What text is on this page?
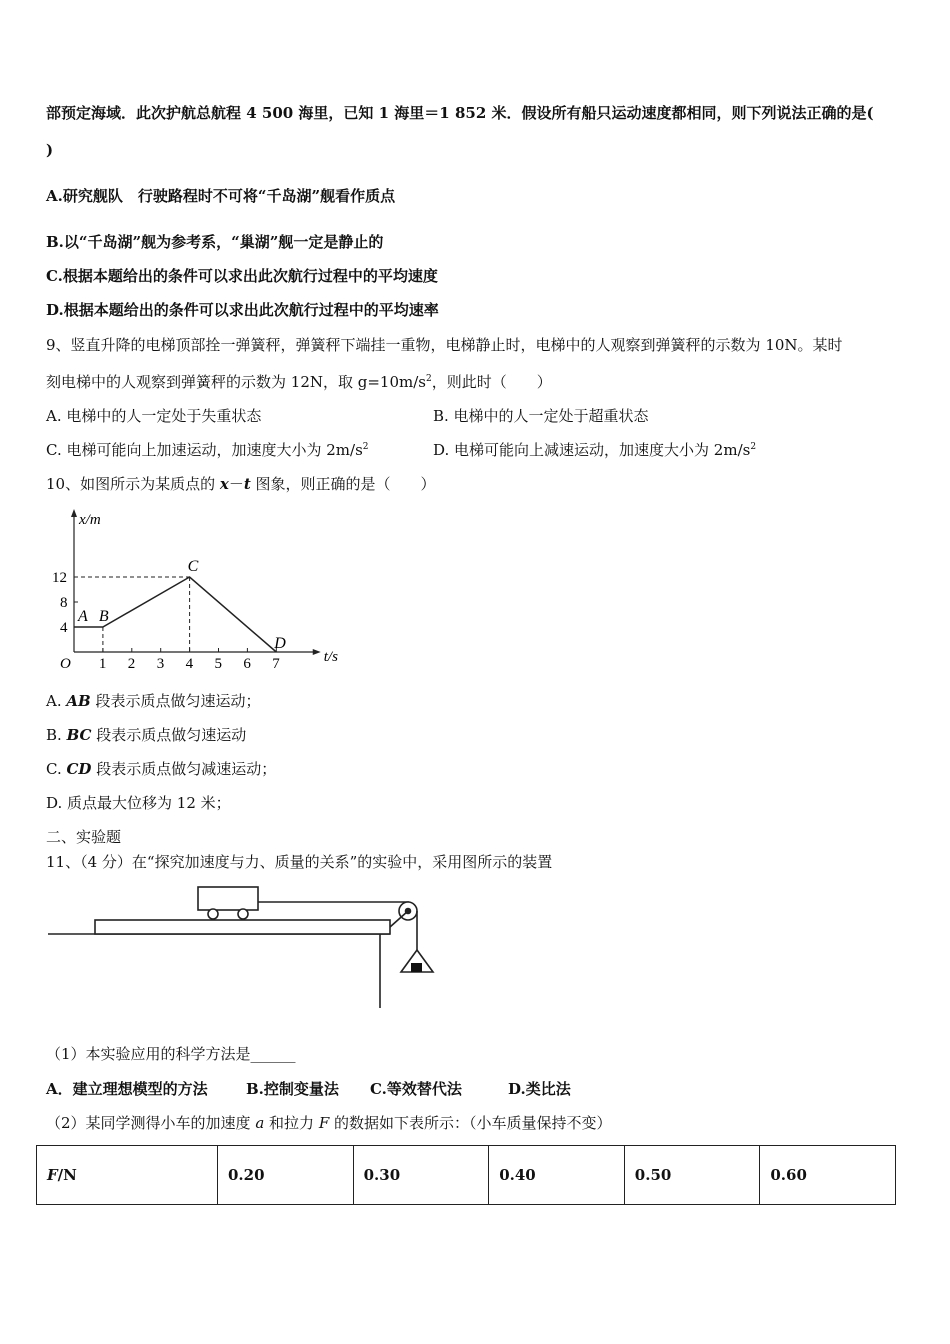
部预定海域．此次护航总航程 4 500 海里，已知 1 海里＝1 852 米．假设所有船只运动速度都相同，则下列说法正确的是(
)
A.研究舰队　行驶路程时不可将“千岛湖”舰看作质点
B.以“千岛湖”舰为参考系，“巢湖”舰一定是静止的
C.根据本题给出的条件可以求出此次航行过程中的平均速度
D.根据本题给出的条件可以求出此次航行过程中的平均速率
9、竖直升降的电梯顶部拴一弹簧秤，弹簧秤下端挂一重物，电梯静止时，电梯中的人观察到弹簧秤的示数为 10N。某时
刻电梯中的人观察到弹簧秤的示数为 12N，取 $g=10m/s^2$，则此时（　　）
A. 电梯中的人一定处于失重状态	B. 电梯中的人一定处于超重状态
C. 电梯可能向上加速运动，加速度大小为 $2m/s^2$	D. 电梯可能向上减速运动，加速度大小为 $2m/s^2$
10、如图所示为某质点的 x－t 图象，则正确的是（　　）
t/s
x/m
O 1 2 3 4 5 6 7
4
8
12
A B
C
D
A. AB 段表示质点做匀速运动；
B. BC 段表示质点做匀速运动
C. CD 段表示质点做匀减速运动；
D. 质点最大位移为 12 米；
二、实验题
11、（4 分）在“探究加速度与力、质量的关系”的实验中，采用图所示的装置
（1）本实验应用的科学方法是______
A．建立理想模型的方法	B.控制变量法 C.等效替代法	D.类比法
（2）某同学测得小车的加速度 a 和拉力 F 的数据如下表所示：（小车质量保持不变）
F/N	0.20	0.30	0.40	0.50	0.60
